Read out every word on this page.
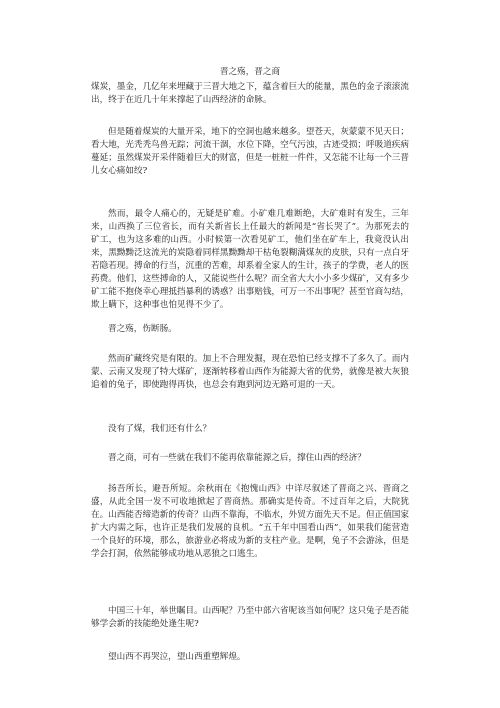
晋之殇，晋之商

煤炭，墨金，几亿年来埋藏于三晋大地之下，蕴含着巨大的能量，黑色的金子滚滚流出，终于在近几十年来撑起了山西经济的命脉。

但是随着煤炭的大量开采，地下的空洞也越来越多。望苍天，灰蒙蒙不见天日；看大地，光秃秃鸟兽无踪；河流干涸，水位下降，空气污浊，古迹受损；呼吸道疾病蔓延；虽然煤炭开采伴随着巨大的财富，但是一桩桩一件件，又怎能不让每一个三晋儿女心痛如绞?

然而，最令人痛心的，无疑是矿难。小矿难几难断绝，大矿难时有发生，三年来，山西换了三位省长，而有关新省长上任最大的新闻是“省长哭了”。为那死去的矿工，也为这多难的山西。小时候第一次看见矿工，他们坐在矿车上，我竟没认出来，黑黝黝泛这流光的炭隐着同样黑黝黝却干枯龟裂糊满煤灰的皮肤，只有一点白牙若隐若现。搏命的行当，沉重的苦难，却系着全家人的生计，孩子的学费，老人的医药费。他们，这些搏命的人，又能说些什么呢？而全省大大小小多少煤矿，又有多少矿工能不抱侥幸心理抵挡暴利的诱惑？出事赔钱，可万一不出事呢？甚至官商勾结，欺上瞒下，这种事也怕见得不少了。

晋之殇，伤断肠。

然而矿藏终究是有限的。加上不合理发掘，现在恐怕已经支撑不了多久了。而内蒙、云南又发现了特大煤矿，逐渐转移着山西作为能源大省的优势，就像是被大灰狼追着的兔子，即使跑得再快，也总会有跑到河边无路可退的一天。

没有了煤，我们还有什么？

晋之商，可有一些就在我们不能再依靠能源之后，撑住山西的经济？

扬吾所长，避吾所短。余秋雨在《抱愧山西》中详尽叙述了晋商之兴、晋商之盛，从此全国一发不可收地掀起了晋商热。那确实是传奇。不过百年之后，大院犹在。山西能否缔造新的传奇？山西不靠海，不临水，外贸方面先天不足。但正值国家扩大内需之际，也许正是我们发展的良机。“五千年中国看山西”，如果我们能营造一个良好的环境，那么，旅游业必将成为新的支柱产业。是啊，兔子不会游泳，但是学会打洞，依然能够成功地从恶狼之口逃生。

中国三十年，举世瞩目。山西呢？乃至中部六省呢该当如何呢？这只兔子是否能够学会新的技能绝处逢生呢?

望山西不再哭泣，望山西重塑辉煌。
